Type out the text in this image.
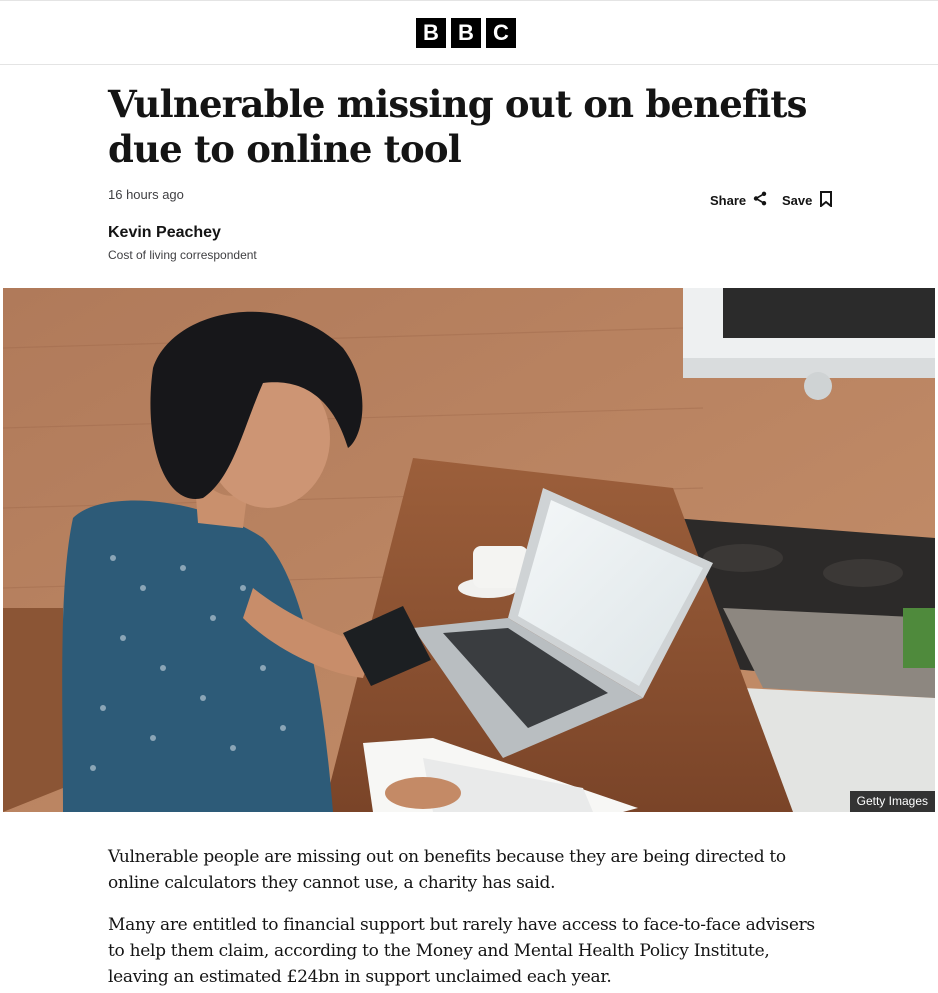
B B C
Vulnerable missing out on benefits due to online tool
16 hours ago	Share	Save
Kevin Peachey
Cost of living correspondent
Getty Images

Vulnerable people are missing out on benefits because they are being directed to online calculators they cannot use, a charity has said.

Many are entitled to financial support but rarely have access to face-to-face advisers to help them claim, according to the Money and Mental Health Policy Institute, leaving an estimated £24bn in support unclaimed each year.
